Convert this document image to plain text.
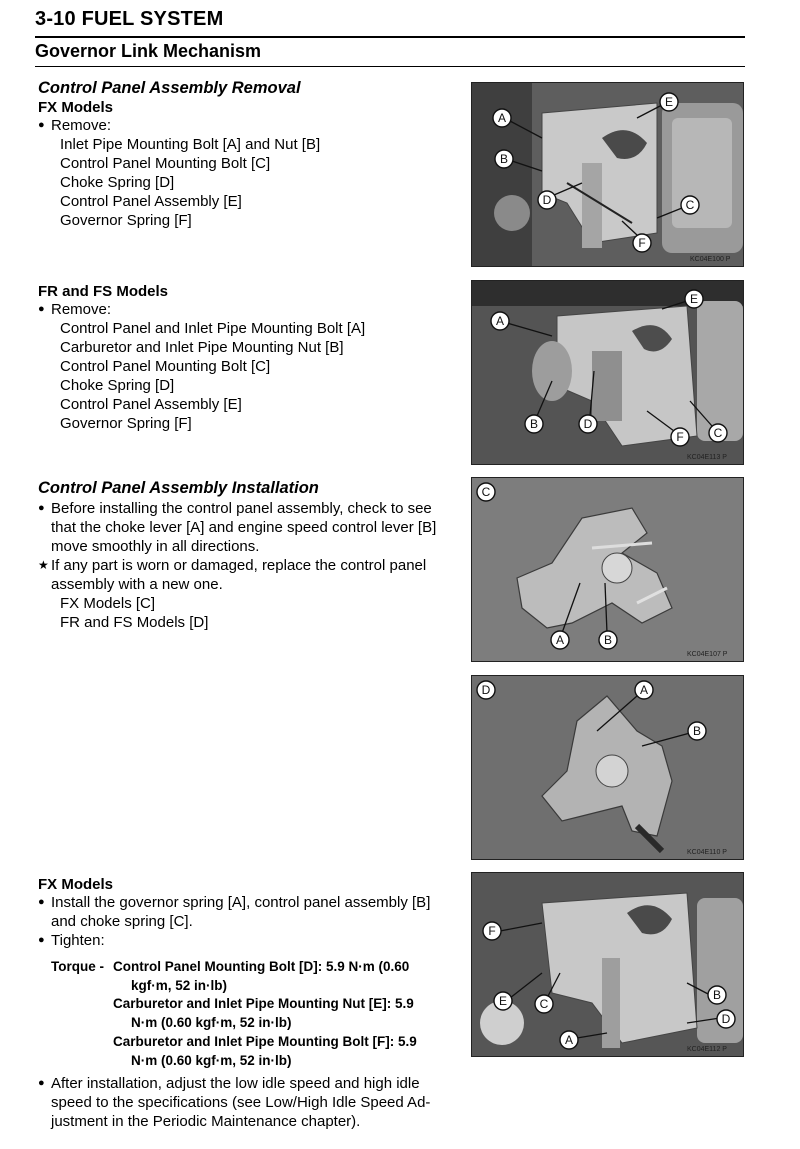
3-10 FUEL SYSTEM
Governor Link Mechanism
Control Panel Assembly Removal
FX Models
● Remove:
Inlet Pipe Mounting Bolt [A] and Nut [B]
Control Panel Mounting Bolt [C]
Choke Spring [D]
Control Panel Assembly [E]
Governor Spring [F]
FR and FS Models
● Remove:
Control Panel and Inlet Pipe Mounting Bolt [A]
Carburetor and Inlet Pipe Mounting Nut [B]
Control Panel Mounting Bolt [C]
Choke Spring [D]
Control Panel Assembly [E]
Governor Spring [F]
Control Panel Assembly Installation
● Before installing the control panel assembly, check to see
that the choke lever [A] and engine speed control lever [B]
move smoothly in all directions.
★ If any part is worn or damaged, replace the control panel
assembly with a new one.
FX Models [C]
FR and FS Models [D]
FX Models
● Install the governor spring [A], control panel assembly [B]
and choke spring [C].
● Tighten:
Torque - Control Panel Mounting Bolt [D]: 5.9 N·m (0.60
kgf·m, 52 in·lb)
Carburetor and Inlet Pipe Mounting Nut [E]: 5.9
N·m (0.60 kgf·m, 52 in·lb)
Carburetor and Inlet Pipe Mounting Bolt [F]: 5.9
N·m (0.60 kgf·m, 52 in·lb)
● After installation, adjust the low idle speed and high idle
speed to the specifications (see Low/High Idle Speed Ad-
justment in the Periodic Maintenance chapter).
A
B
C
D
E
F
KC04E100 P
A
B
C
D
E
F
KC04E113 P
C
A	B
KC04E107 P
D	A
B
KC04E110 P
A
B
C
D
E
F
KC04E112 P
